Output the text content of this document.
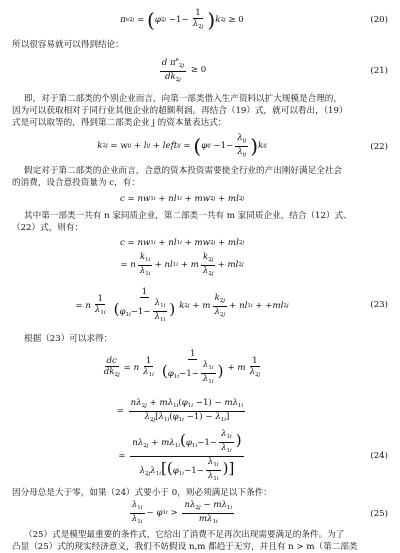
π e 2j = ( φ $2j -1- \frac{1}{\lambda_{2j}}$ ) k 2j ≥ 0	(20)
所以很容易就可以得到结论：
$\frac{d \pi^e_{2j}}{dk_{2j}} \ge 0$	(21)
即，对于第二部类的个别企业而言，向第一部类借入生产资料以扩大规模是合理的，
因为可以获取相对于同行业其他企业的超额利润。再结合（19）式，就可以看出，（19）
式是可以取等的，得到第二部类企业 j 的资本量表达式：
k 2j = w ij + l ij + left ij = ( φ ij $-1- \frac{\lambda_{ij}}{\lambda_{ij}}$ ) k ij	(22)
假定对于第二部类的企业而言，合意的资本投资需要使全行业的产出刚好满足全社会
的消费，设合意投资量为 c，有：
c = nw 1i + nl 1i + mw 2j + ml 2j
其中第一部类一共有 n 家同质企业，第二部类一共有 m 家同质企业，结合（12）式、
（22）式，则有：
c = nw 1i + nl 1i + mw 2j + ml 2j
= n $\frac{k_{1i}}{\lambda_{1i}}$ + nl 1i + m $\frac{k_{2j}}{\lambda_{2j}}$ + ml 2j
= n $\frac{1}{\lambda_{1i}} \frac{1}{(\varphi_{1i}-1- \frac{\lambda_{1i}}{\lambda_{1i}} )}$ k 2j + m $\frac{k_{2j}}{\lambda_{2j}}$ + nl 1i + + ml 2j	(23)
根据（23）可以求得：
$\frac{dc}{dk_{2j}} = n \frac{1}{\lambda_{1i}} \frac{1}{(\varphi_{1i}-1- \frac{\lambda_{1i}}{\lambda_{1i}} )} + m \frac{1}{\lambda_{2j}}$
= $\frac{n\lambda_{2j} + m\lambda_{1i}(\varphi_{1i} -1) - m\lambda_{1i}}{\lambda_{2j}[\lambda_{1i}(\varphi_{1i} -1) - \lambda_{1i}]}$
= $\frac{n\lambda_{2j} + m\lambda_{1i}(\varphi_{1i}-1- \frac{\lambda_{1i}}{\lambda_{1i}} )}{\lambda_{2j}\lambda_{1i}[(\varphi_{1i}-1- \frac{\lambda_{1i}}{\lambda_{1i}} )]}$	(24)
因分母总是大于零，如果（24）式要小于 0，则必须满足以下条件：
$\frac{\lambda_{1i}}{\lambda_{1i}} - \varphi$ $1i > \frac{n\lambda_{2j} - m\lambda_{1i}}{m\lambda_{1i}}$	(25)
（25）式是模型最重要的条件式，它给出了消费不足再次出现需要满足的条件。为了
凸显（25）式的现实经济意义，我们不妨假设 n,m 都趋于无穷，并且有 n > m（第二部类
